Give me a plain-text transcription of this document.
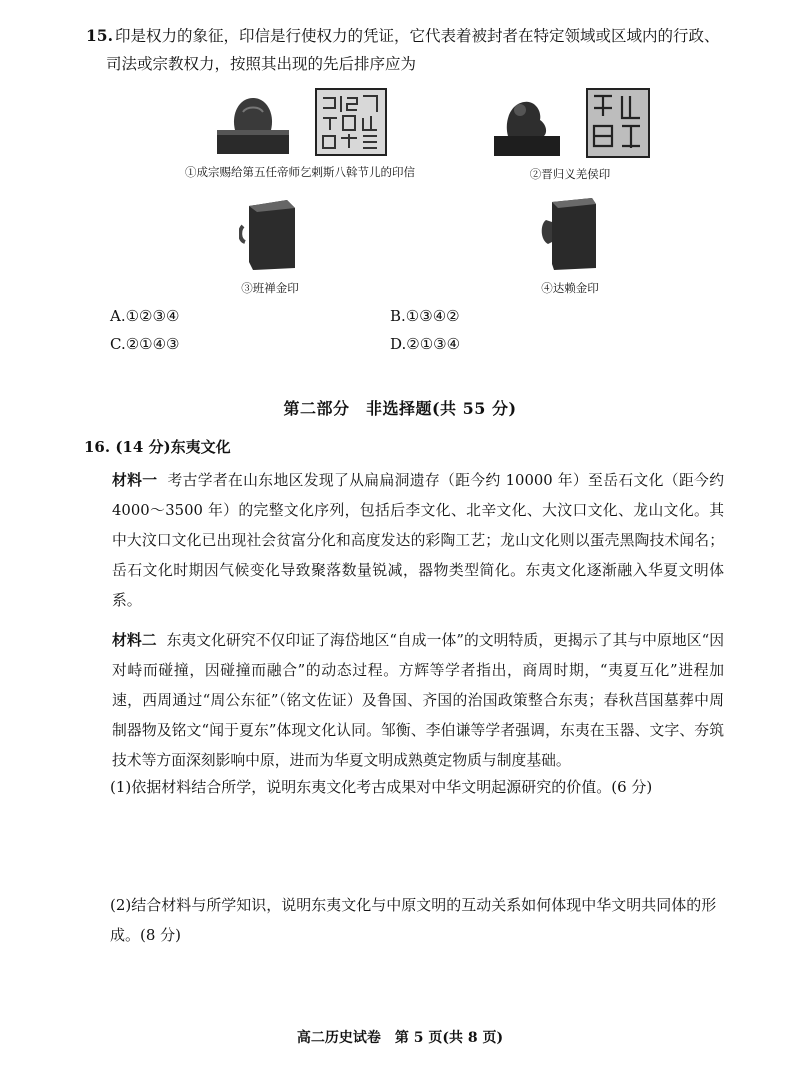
15. 印是权力的象征，印信是行使权力的凭证，它代表着被封者在特定领域或区域内的行政、
司法或宗教权力，按照其出现的先后排序应为

①成宗赐给第五任帝师乞剌斯八斡节儿的印信
	②晋归义羌侯印
③班禅金印	④达赖金印
A.①②③④	B.①③④②
C.②①④③	D.②①③④
第二部分　非选择题(共 55 分)
16. (14 分)东夷文化
材料一 考古学者在山东地区发现了从扁扁洞遗存（距今约 10000 年）至岳石文化（距今约 4000～3500 年）的完整文化序列，包括后李文化、北辛文化、大汶口文化、龙山文化。其中大汶口文化已出现社会贫富分化和高度发达的彩陶工艺；龙山文化则以蛋壳黑陶技术闻名；岳石文化时期因气候变化导致聚落数量锐减，器物类型简化。东夷文化逐渐融入华夏文明体系。
材料二 东夷文化研究不仅印证了海岱地区“自成一体”的文明特质，更揭示了其与中原地区“因对峙而碰撞，因碰撞而融合”的动态过程。方辉等学者指出，商周时期，“夷夏互化”进程加速，西周通过“周公东征”（铭文佐证）及鲁国、齐国的治国政策整合东夷；春秋莒国墓葬中周制器物及铭文“闻于夏东”体现文化认同。邹衡、李伯谦等学者强调，东夷在玉器、文字、夯筑技术等方面深刻影响中原，进而为华夏文明成熟奠定物质与制度基础。
(1)依据材料结合所学，说明东夷文化考古成果对中华文明起源研究的价值。(6 分)
(2)结合材料与所学知识，说明东夷文化与中原文明的互动关系如何体现中华文明共同体的形成。(8 分)
高二历史试卷　第 5 页(共 8 页)
